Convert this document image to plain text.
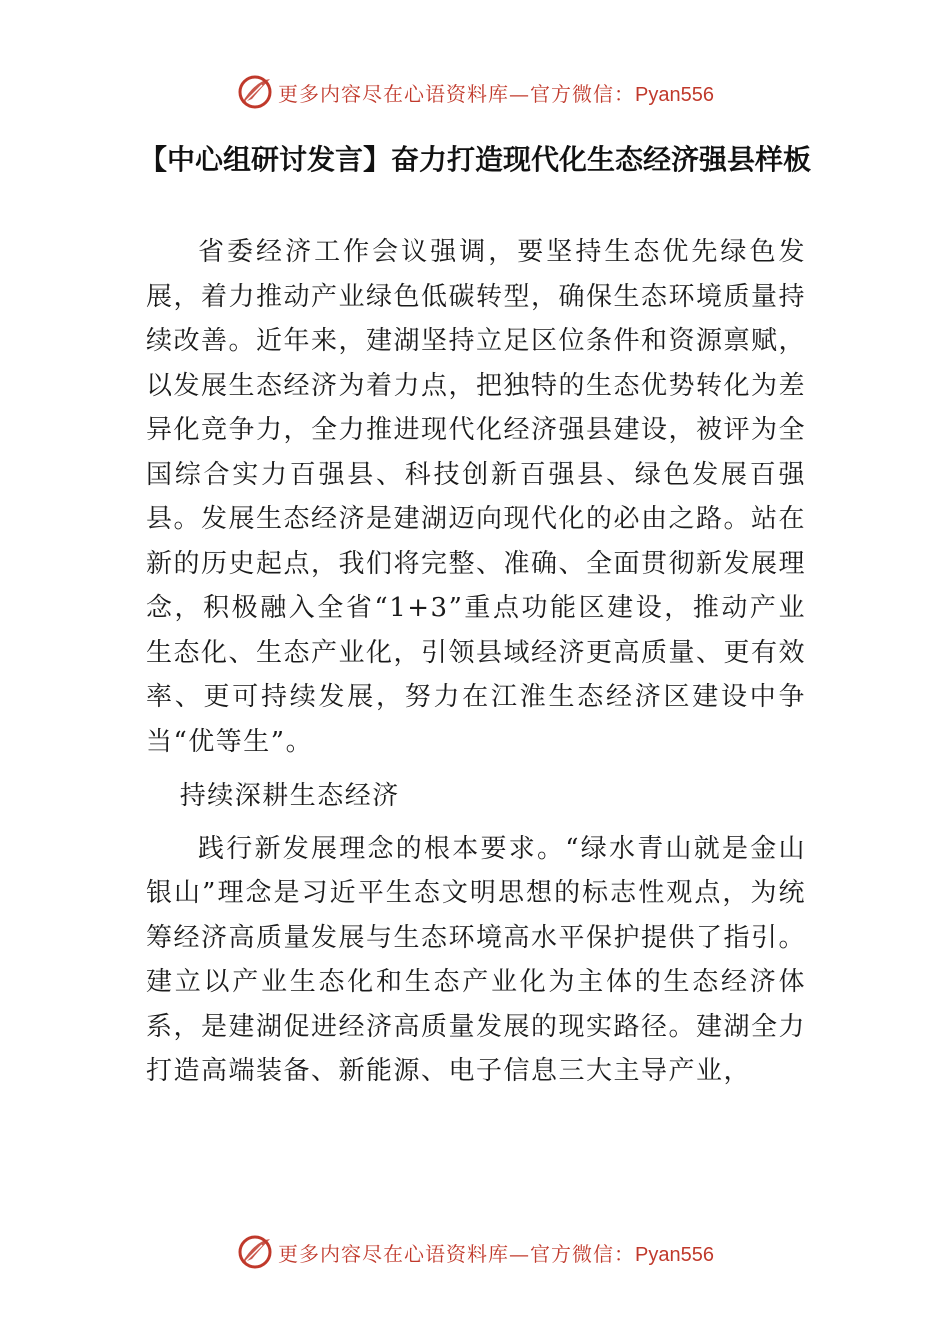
更多内容尽在心语资料库—官方微信：Pyan556
【中心组研讨发言】奋力打造现代化生态经济强县样板

省委经济工作会议强调，要坚持生态优先绿色发展，着力推动产业绿色低碳转型，确保生态环境质量持续改善。近年来，建湖坚持立足区位条件和资源禀赋，以发展生态经济为着力点，把独特的生态优势转化为差异化竞争力，全力推进现代化经济强县建设，被评为全国综合实力百强县、科技创新百强县、绿色发展百强县。发展生态经济是建湖迈向现代化的必由之路。站在新的历史起点，我们将完整、准确、全面贯彻新发展理念，积极融入全省“1+3”重点功能区建设，推动产业生态化、生态产业化，引领县域经济更高质量、更有效率、更可持续发展，努力在江淮生态经济区建设中争当“优等生”。

持续深耕生态经济

践行新发展理念的根本要求。“绿水青山就是金山银山”理念是习近平生态文明思想的标志性观点，为统筹经济高质量发展与生态环境高水平保护提供了指引。建立以产业生态化和生态产业化为主体的生态经济体系，是建湖促进经济高质量发展的现实路径。建湖全力打造高端装备、新能源、电子信息三大主导产业，

更多内容尽在心语资料库—官方微信：Pyan556
